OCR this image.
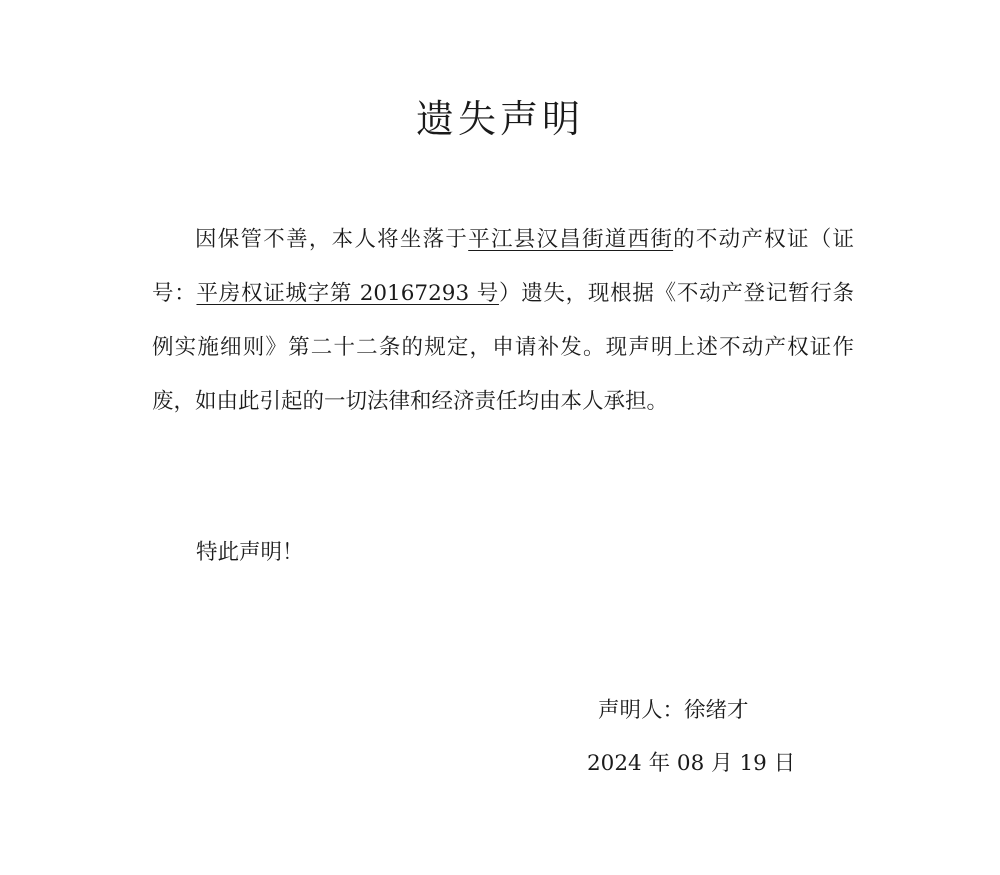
遗失声明

因保管不善，本人将坐落于平江县汉昌街道西街的不动产权证（证号：平房权证城字第 20167293 号）遗失，现根据《不动产登记暂行条例实施细则》第二十二条的规定，申请补发。现声明上述不动产权证作废，如由此引起的一切法律和经济责任均由本人承担。

特此声明！

声明人：徐绪才

2024 年 08 月 19 日
